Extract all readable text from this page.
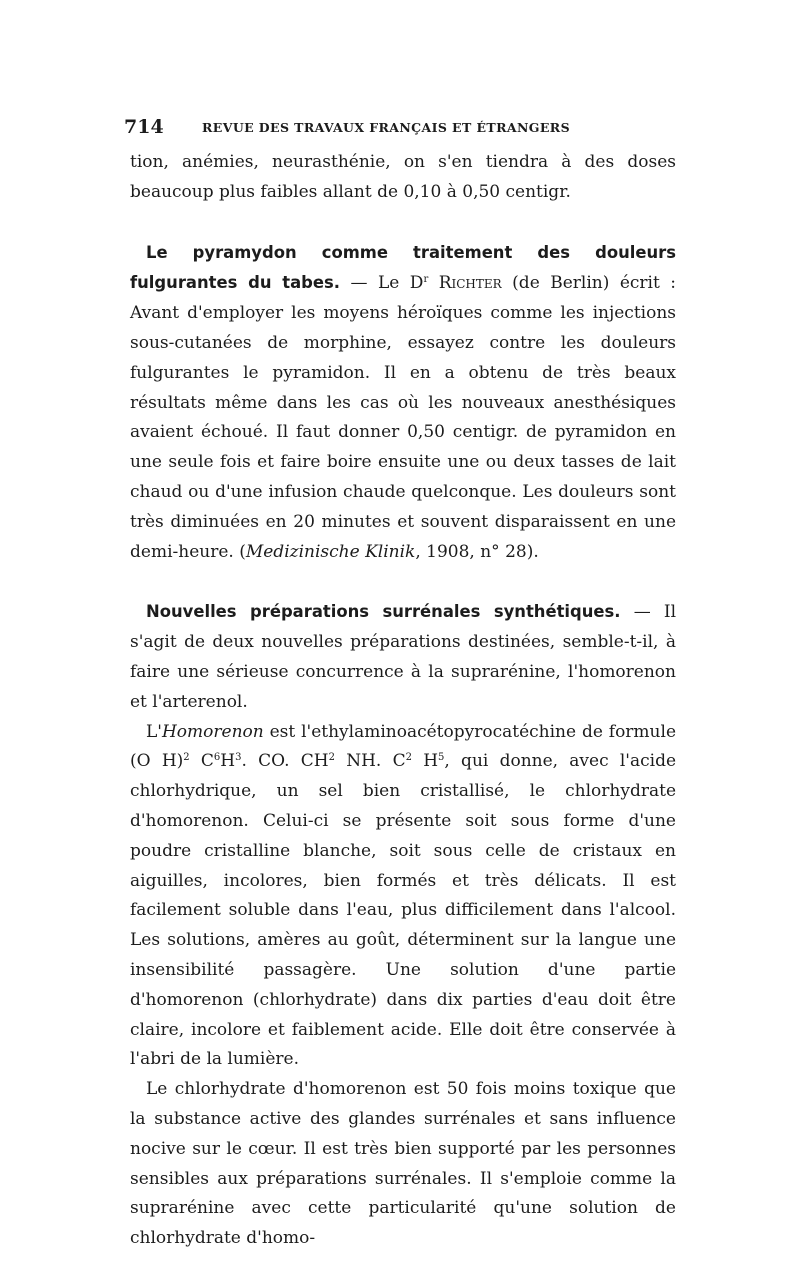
714	REVUE DES TRAVAUX FRANÇAIS ET ÉTRANGERS

tion, anémies, neurasthénie, on s'en tiendra à des doses beaucoup plus faibles allant de 0,10 à 0,50 centigr.

Le pyramydon comme traitement des douleurs fulgurantes du tabes. — Le $D^r$ Richter (de Berlin) écrit : Avant d'employer les moyens héroïques comme les injections sous-cutanées de morphine, essayez contre les douleurs fulgurantes le pyramidon. Il en a obtenu de très beaux résultats même dans les cas où les nouveaux anesthésiques avaient échoué. Il faut donner 0,50 centigr. de pyramidon en une seule fois et faire boire ensuite une ou deux tasses de lait chaud ou d'une infusion chaude quelconque. Les douleurs sont très diminuées en 20 minutes et souvent disparaissent en une demi-heure. (Medizinische Klinik, 1908, n° 28).

Nouvelles préparations surrénales synthétiques. — Il s'agit de deux nouvelles préparations destinées, semble-t-il, à faire une sérieuse concurrence à la suprarénine, l'homorenon et l'arterenol.

L'Homorenon est l'ethylaminoacétopyrocatéchine de formule (O H)$^2$ $C^6H^3$. CO. $CH^2$ NH. $C^2$ $H^5$, qui donne, avec l'acide chlorhydrique, un sel bien cristallisé, le chlorhydrate d'homorenon. Celui-ci se présente soit sous forme d'une poudre cristalline blanche, soit sous celle de cristaux en aiguilles, incolores, bien formés et très délicats. Il est facilement soluble dans l'eau, plus difficilement dans l'alcool. Les solutions, amères au goût, déterminent sur la langue une insensibilité passagère. Une solution d'une partie d'homorenon (chlorhydrate) dans dix parties d'eau doit être claire, incolore et faiblement acide. Elle doit être conservée à l'abri de la lumière.

Le chlorhydrate d'homorenon est 50 fois moins toxique que la substance active des glandes surrénales et sans influence nocive sur le cœur. Il est très bien supporté par les personnes sensibles aux préparations surrénales. Il s'emploie comme la suprarénine avec cette particularité qu'une solution de chlorhydrate d'homo-
